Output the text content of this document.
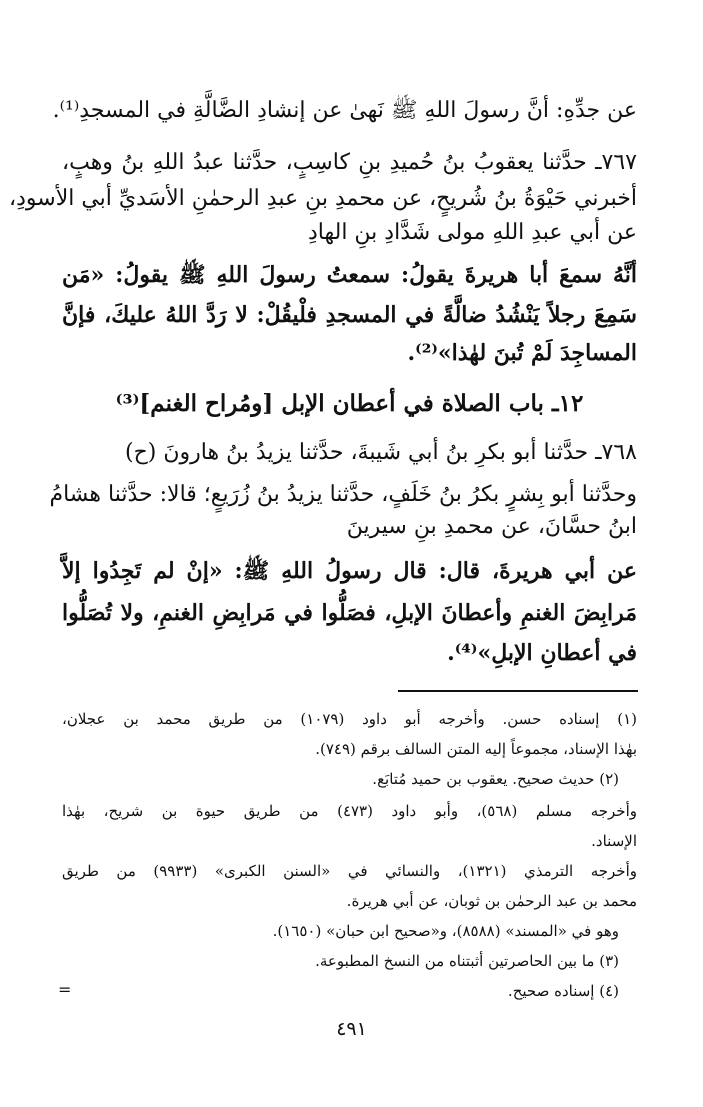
عن جدِّهِ: أنَّ رسولَ اللهِ ﷺ نَهىٰ عن إنشادِ الضَّالَّةِ في المسجدِ⁽¹⁾.
٧٦٧ـ حدَّثنا يعقوبُ بنُ حُميدِ بنِ كاسِبٍ، حدَّثنا عبدُ اللهِ بنُ وهبٍ،
أخبرني حَيْوَةُ بنُ شُريحٍ، عن محمدِ بنِ عبدِ الرحمٰنِ الأسَديِّ أبي الأسودِ،
عن أبي عبدِ اللهِ مولى شَدَّادِ بنِ الهادِ
أنَّهُ سمعَ أبا هريرةَ يقولُ: سمعتُ رسولَ اللهِ ﷺ يقولُ: «مَن
سَمِعَ رجلاً يَنْشُدُ ضالَّةً في المسجدِ فلْيقُلْ: لا رَدَّ اللهُ عليكَ، فإنَّ
المساجِدَ لَمْ تُبنَ لهٰذا»⁽²⁾.
١٢ـ باب الصلاة في أعطان الإبل [ومُراح الغنم]⁽³⁾
٧٦٨ـ حدَّثنا أبو بكرِ بنُ أبي شَيبةَ، حدَّثنا يزيدُ بنُ هارونَ (ح)
وحدَّثنا أبو بِشرٍ بكرُ بنُ خَلَفٍ، حدَّثنا يزيدُ بنُ زُرَيعٍ؛ قالا: حدَّثنا هشامُ
ابنُ حسَّانَ، عن محمدِ بنِ سيرينَ
عن أبي هريرةَ، قال: قال رسولُ اللهِ ﷺ: «إنْ لم تَجِدُوا إلاَّ
مَرابِضَ الغنمِ وأعطانَ الإبلِ، فصَلُّوا في مَرابِضِ الغنمِ، ولا تُصَلُّوا
في أعطانِ الإبلِ»⁽⁴⁾.
(١) إسناده حسن. وأخرجه أبو داود (١٠٧٩) من طريق محمد بن عجلان،
بهٰذا الإسناد، مجموعاً إليه المتن السالف برقم (٧٤٩).
(٢) حديث صحيح. يعقوب بن حميد مُتابَع.
وأخرجه مسلم (٥٦٨)، وأبو داود (٤٧٣) من طريق حيوة بن شريح، بهٰذا
الإسناد.
وأخرجه الترمذي (١٣٢١)، والنسائي في «السنن الكبرى» (٩٩٣٣) من طريق
محمد بن عبد الرحمٰن بن ثوبان، عن أبي هريرة.
وهو في «المسند» (٨٥٨٨)، و«صحيح ابن حبان» (١٦٥٠).
(٣) ما بين الحاصرتين أثبتناه من النسخ المطبوعة.
(٤) إسناده صحيح.
=
٤٩١
